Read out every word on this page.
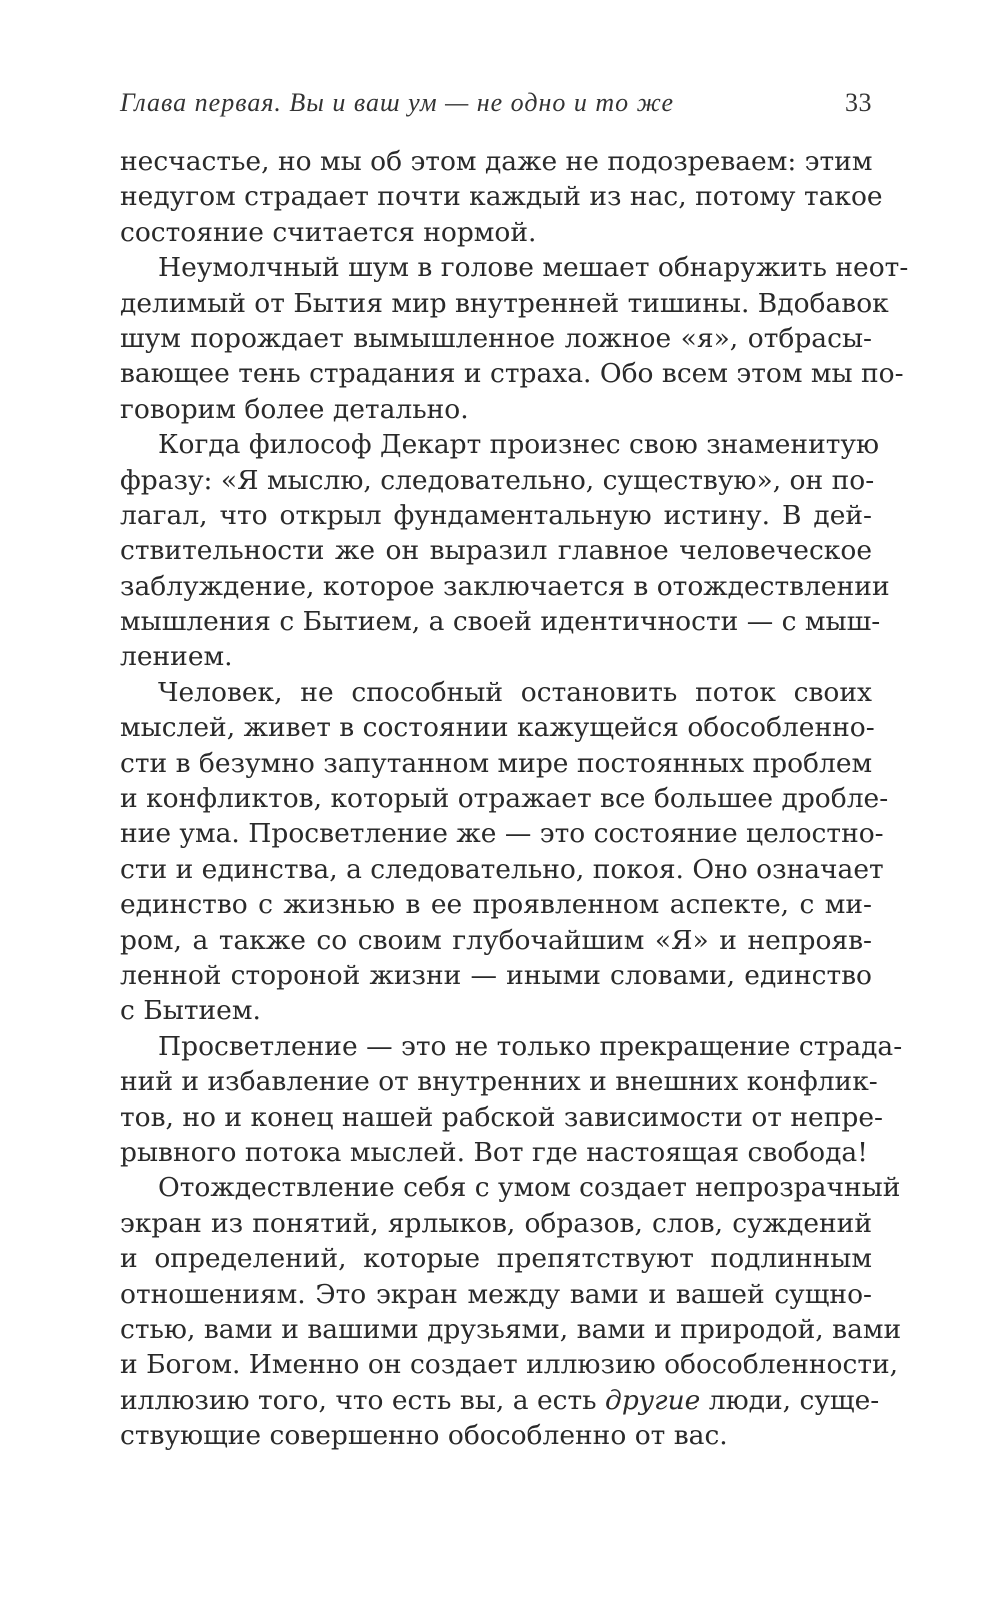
Глава первая. Вы и ваш ум — не одно и то же	33
несчастье, но мы об этом даже не подозреваем: этим
недугом страдает почти каждый из нас, потому такое
состояние считается нормой.
Неумолчный шум в голове мешает обнаружить неот-
делимый от Бытия мир внутренней тишины. Вдобавок
шум порождает вымышленное ложное «я», отбрасы-
вающее тень страдания и страха. Обо всем этом мы по-
говорим более детально.
Когда философ Декарт произнес свою знаменитую
фразу: «Я мыслю, следовательно, существую», он по-
лагал, что открыл фундаментальную истину. В дей-
ствительности же он выразил главное человеческое
заблуждение, которое заключается в отождествлении
мышления с Бытием, а своей идентичности — с мыш-
лением.
Человек, не способный остановить поток своих
мыслей, живет в состоянии кажущейся обособленно-
сти в безумно запутанном мире постоянных проблем
и конфликтов, который отражает все большее дробле-
ние ума. Просветление же — это состояние целостно-
сти и единства, а следовательно, покоя. Оно означает
единство с жизнью в ее проявленном аспекте, с ми-
ром, а также со своим глубочайшим «Я» и непрояв-
ленной стороной жизни — иными словами, единство
с Бытием.
Просветление — это не только прекращение страда-
ний и избавление от внутренних и внешних конфлик-
тов, но и конец нашей рабской зависимости от непре-
рывного потока мыслей. Вот где настоящая свобода!
Отождествление себя с умом создает непрозрачный
экран из понятий, ярлыков, образов, слов, суждений
и определений, которые препятствуют подлинным
отношениям. Это экран между вами и вашей сущно-
стью, вами и вашими друзьями, вами и природой, вами
и Богом. Именно он создает иллюзию обособленности,
иллюзию того, что есть вы, а есть другие люди, суще-
ствующие совершенно обособленно от вас.
